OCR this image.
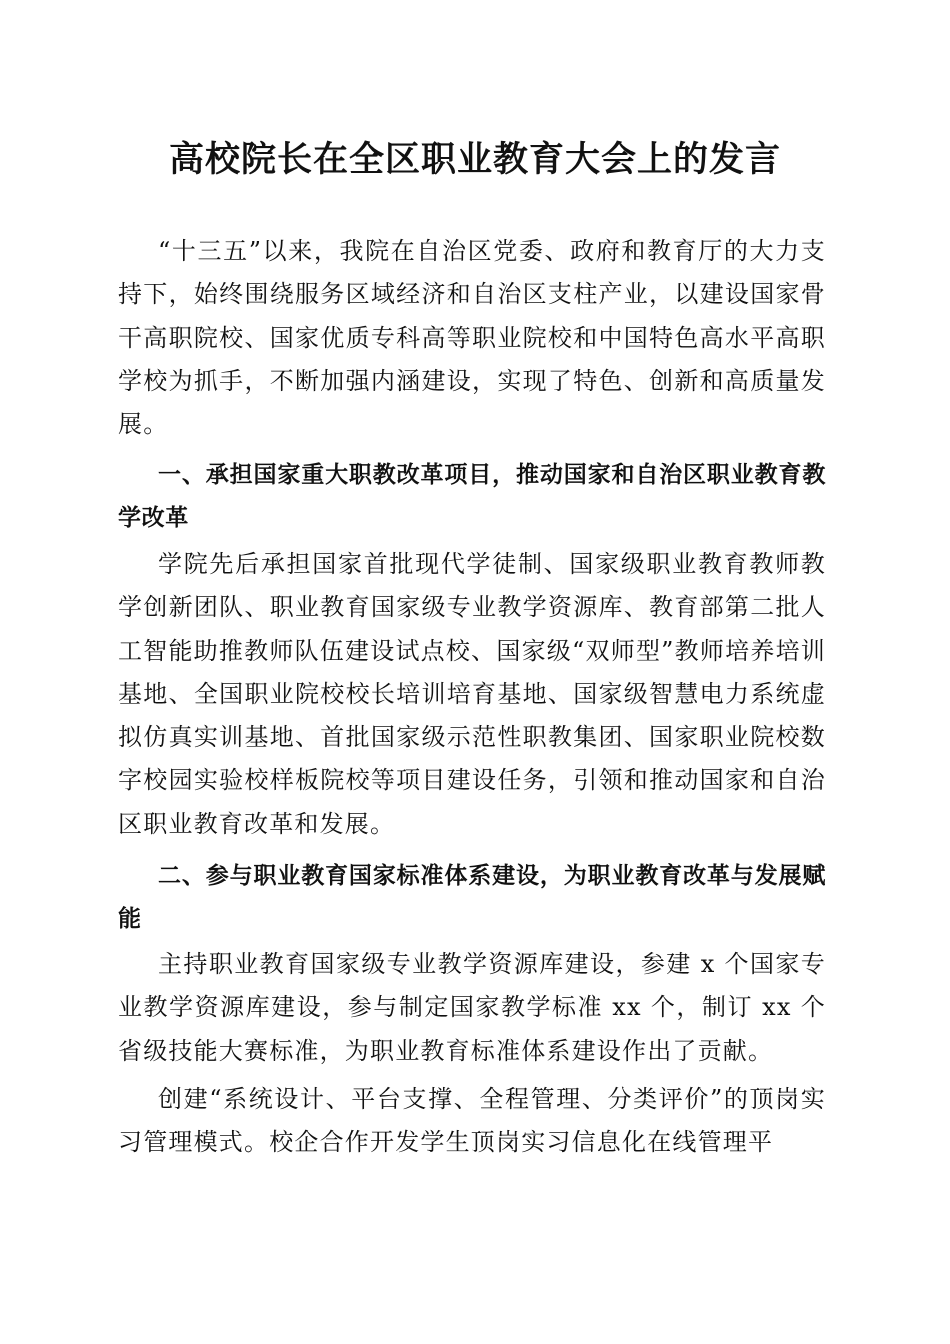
高校院长在全区职业教育大会上的发言

“十三五”以来，我院在自治区党委、政府和教育厅的大力支持下，始终围绕服务区域经济和自治区支柱产业，以建设国家骨干高职院校、国家优质专科高等职业院校和中国特色高水平高职学校为抓手，不断加强内涵建设，实现了特色、创新和高质量发展。

一、承担国家重大职教改革项目，推动国家和自治区职业教育教学改革

学院先后承担国家首批现代学徒制、国家级职业教育教师教学创新团队、职业教育国家级专业教学资源库、教育部第二批人工智能助推教师队伍建设试点校、国家级“双师型”教师培养培训基地、全国职业院校校长培训培育基地、国家级智慧电力系统虚拟仿真实训基地、首批国家级示范性职教集团、国家职业院校数字校园实验校样板院校等项目建设任务，引领和推动国家和自治区职业教育改革和发展。

二、参与职业教育国家标准体系建设，为职业教育改革与发展赋能

主持职业教育国家级专业教学资源库建设，参建 x 个国家专业教学资源库建设，参与制定国家教学标准 xx 个，制订 xx 个省级技能大赛标准，为职业教育标准体系建设作出了贡献。

创建“系统设计、平台支撑、全程管理、分类评价”的顶岗实习管理模式。校企合作开发学生顶岗实习信息化在线管理平
